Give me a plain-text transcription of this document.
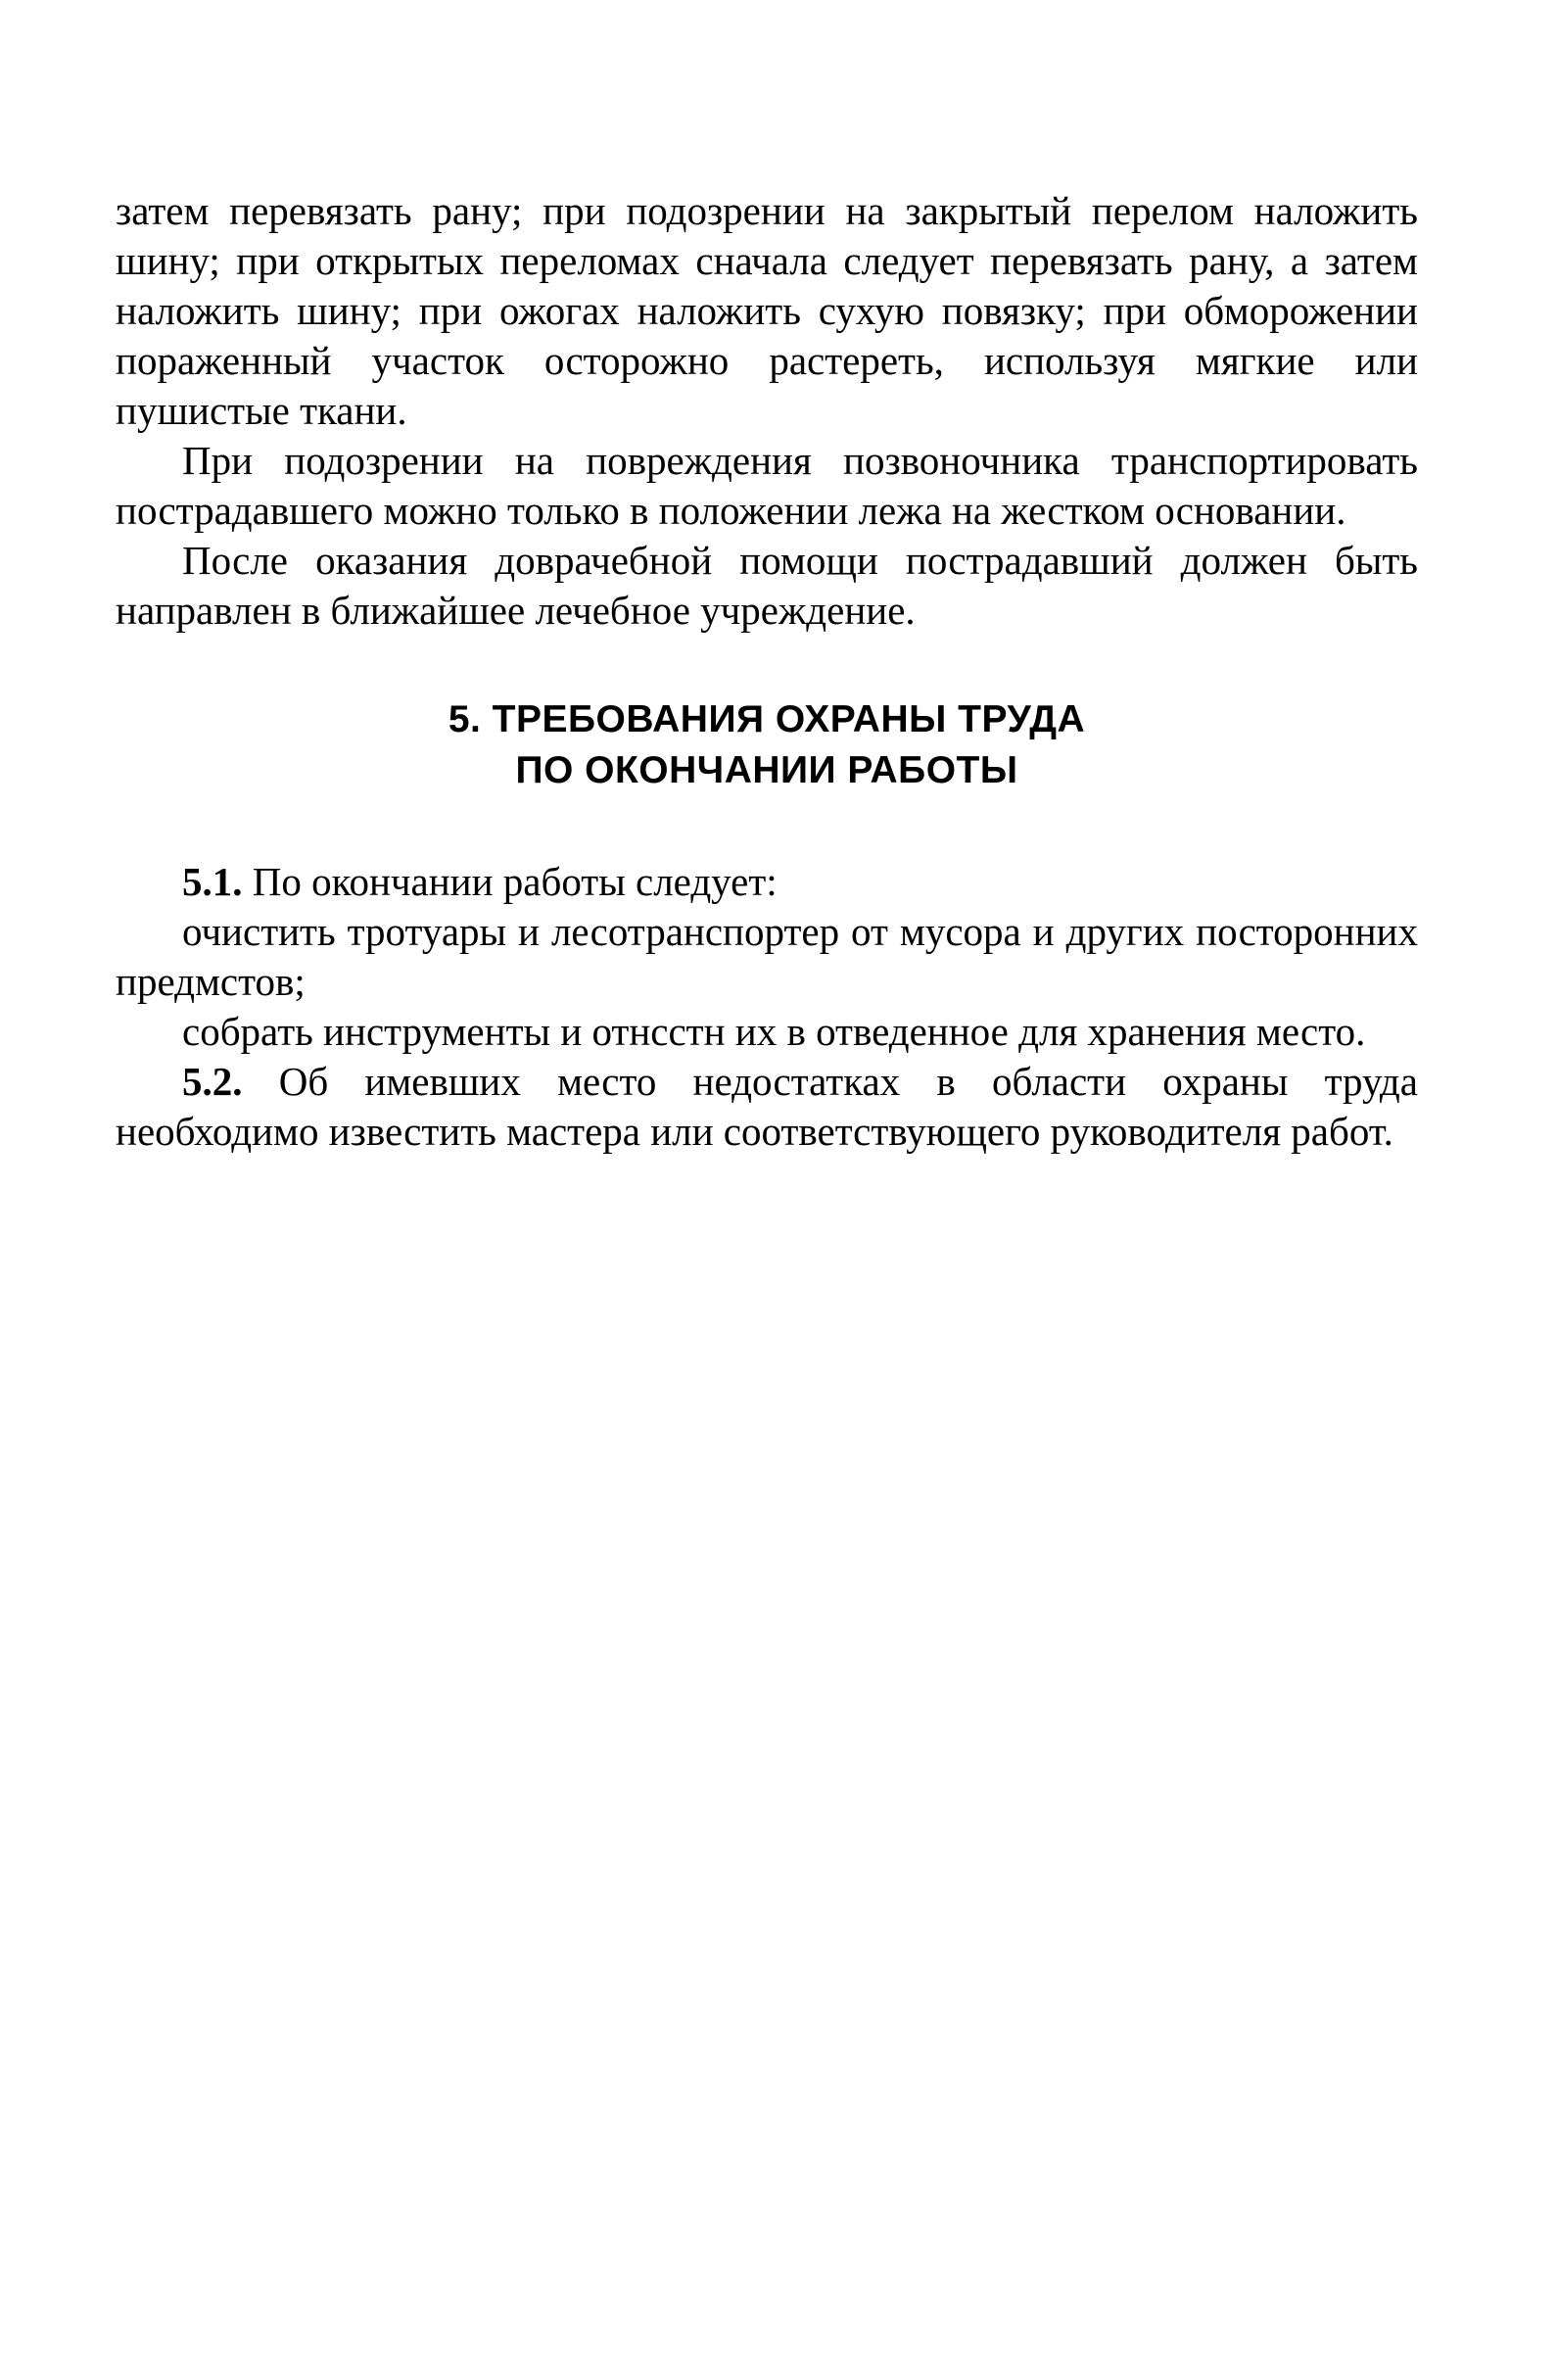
затем перевязать рану; при подозрении на закрытый перелом наложить шину; при открытых переломах сначала следует перевязать рану, а затем наложить шину; при ожогах наложить сухую повязку; при обморожении пораженный участок осторожно растереть, используя мягкие или пушистые ткани.

При подозрении на повреждения позвоночника транспортировать пострадавшего можно только в положении лежа на жестком основании.

После оказания доврачебной помощи пострадавший должен быть направлен в ближайшее лечебное учреждение.

5. ТРЕБОВАНИЯ ОХРАНЫ ТРУДА
ПО ОКОНЧАНИИ РАБОТЫ

5.1. По окончании работы следует:

очистить тротуары и лесотранспортер от мусора и других посторонних предмстов;

собрать инструменты и отнсстн их в отведенное для хранения место.

5.2. Об имевших место недостатках в области охраны труда необходимо известить мастера или соответствующего руководителя работ.
